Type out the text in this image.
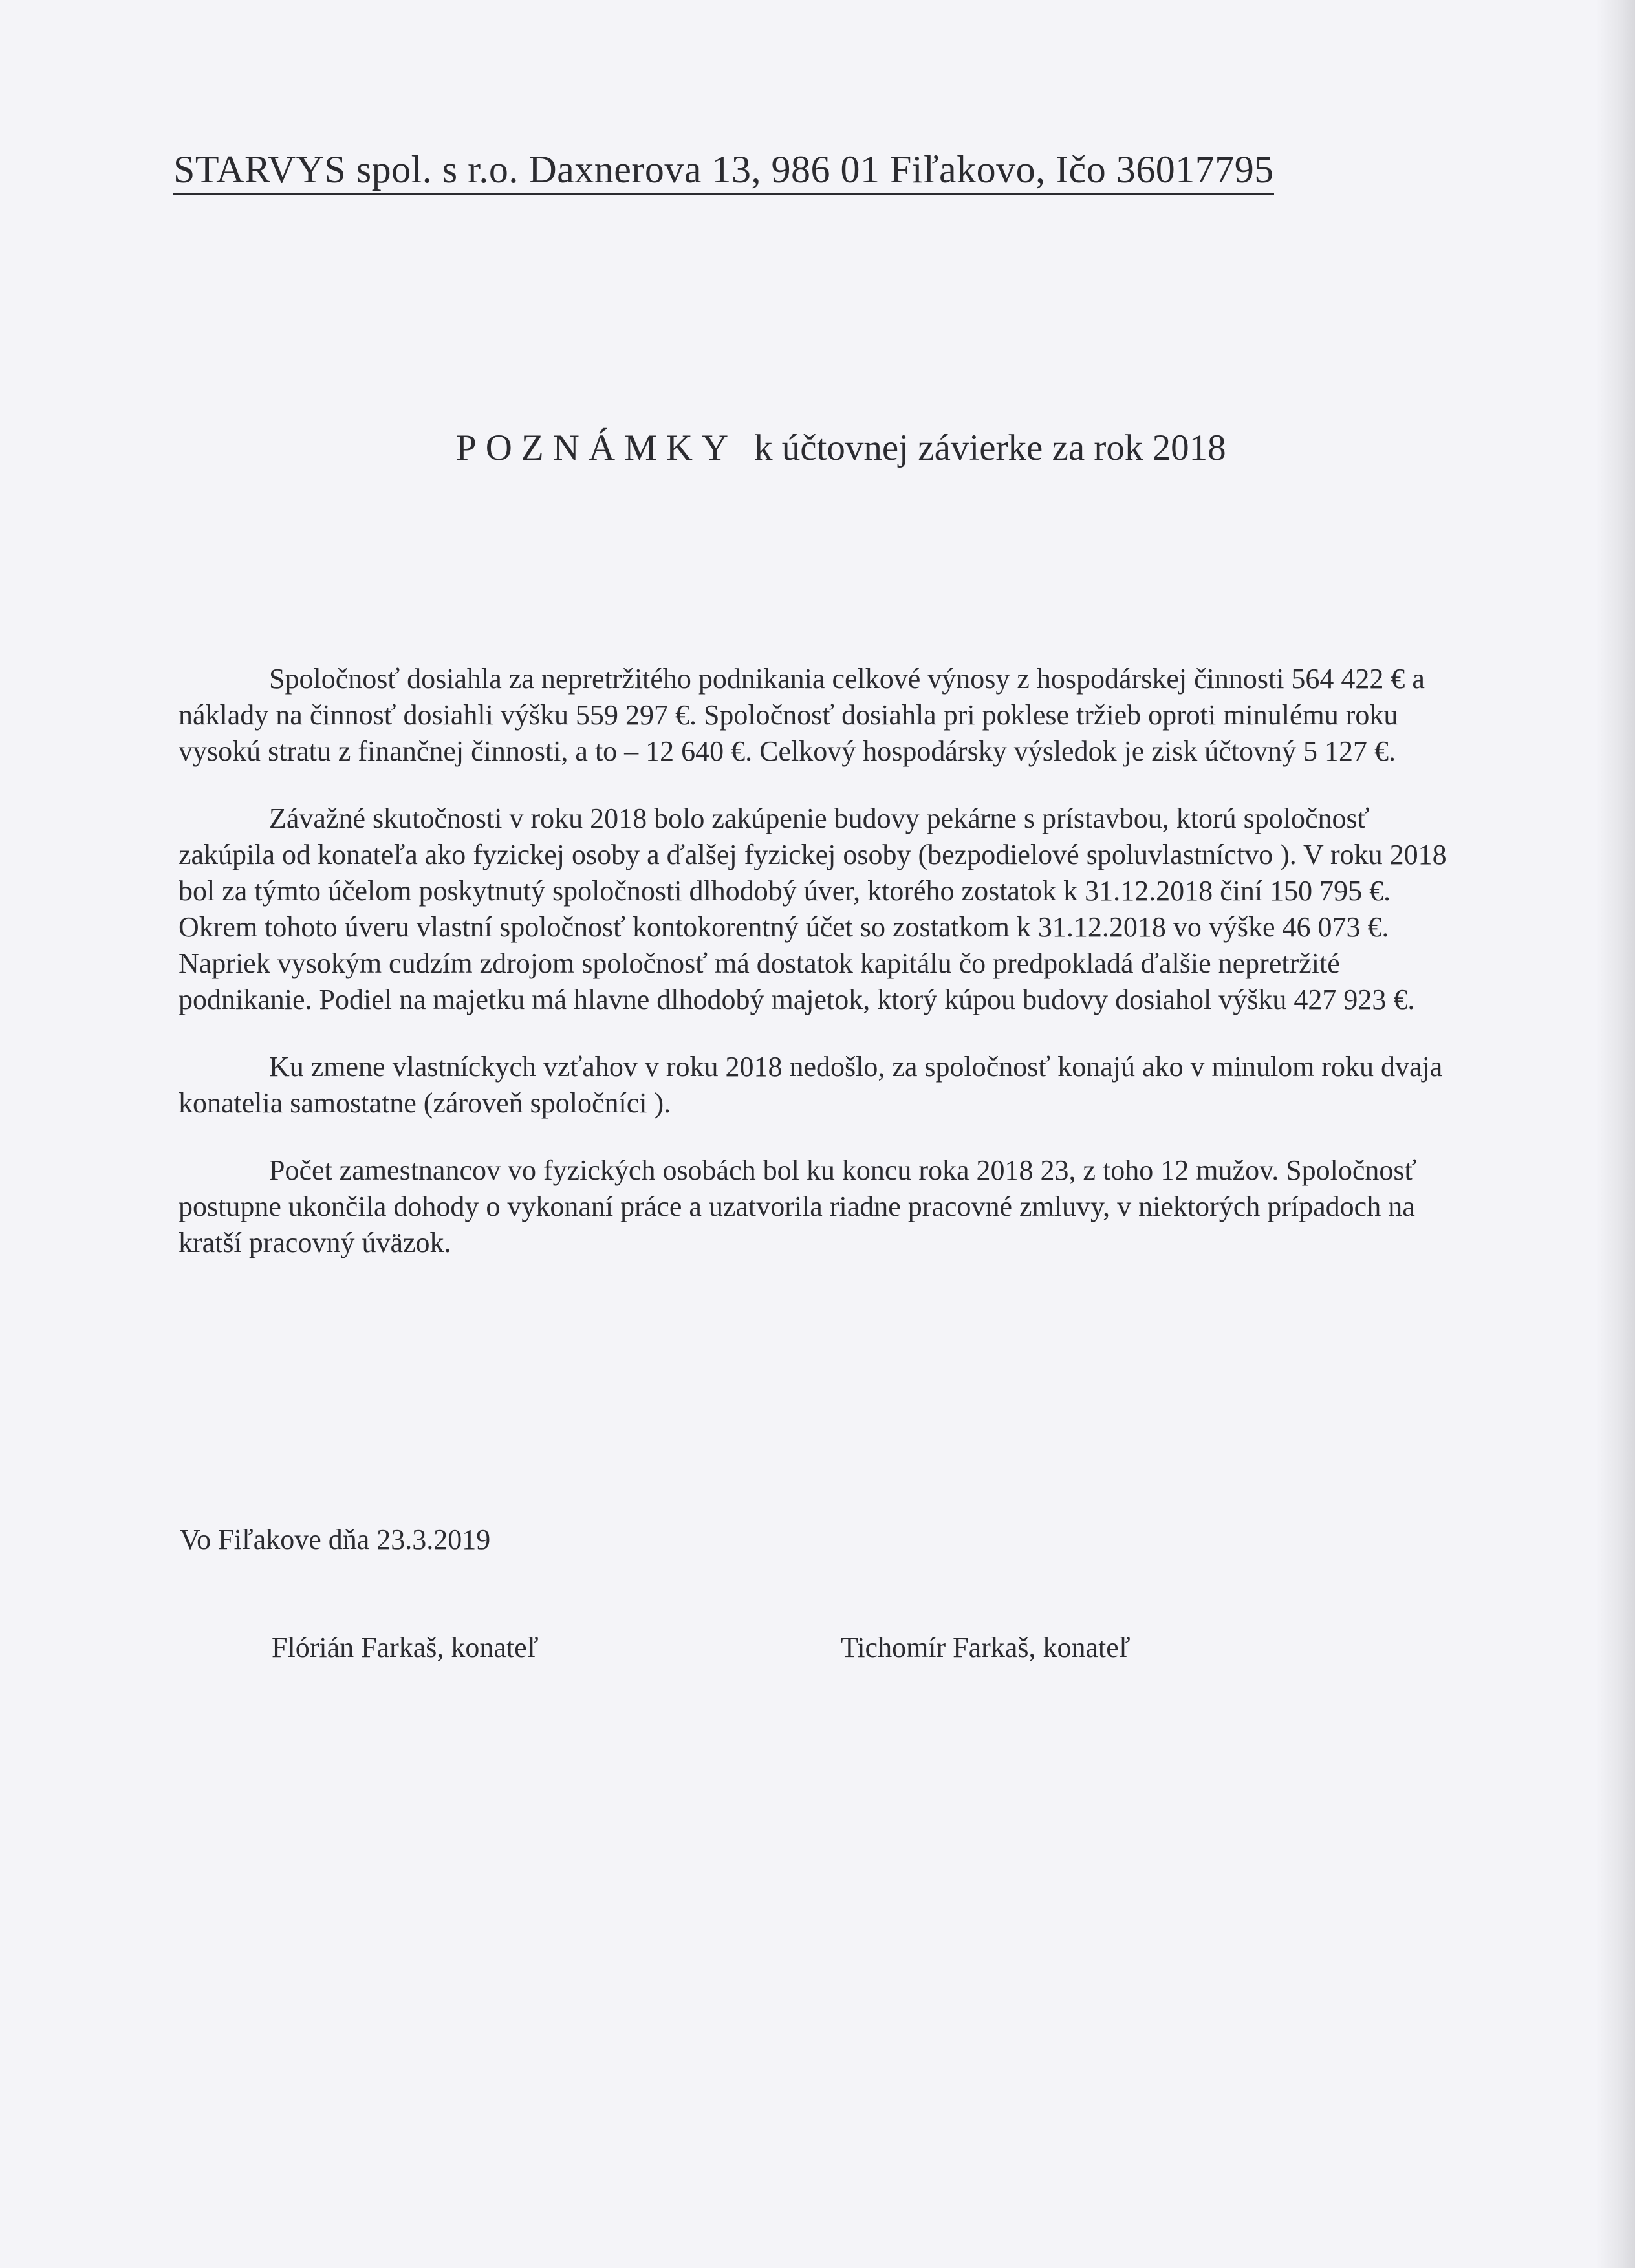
STARVYS spol. s r.o. Daxnerova 13, 986 01 Fiľakovo, Ičo 36017795
POZNÁMKY k účtovnej závierke za rok 2018

Spoločnosť dosiahla za nepretržitého podnikania celkové výnosy z hospodárskej činnosti 564 422 € a náklady na činnosť dosiahli výšku 559 297 €. Spoločnosť dosiahla pri poklese tržieb oproti minulému roku vysokú stratu z finančnej činnosti, a to – 12 640 €. Celkový hospodársky výsledok je zisk účtovný 5 127 €.

Závažné skutočnosti v roku 2018 bolo zakúpenie budovy pekárne s prístavbou, ktorú spoločnosť zakúpila od konateľa ako fyzickej osoby a ďalšej fyzickej osoby (bezpodielové spoluvlastníctvo ). V roku 2018 bol za týmto účelom poskytnutý spoločnosti dlhodobý úver, ktorého zostatok k 31.12.2018 činí 150 795 €. Okrem tohoto úveru vlastní spoločnosť kontokorentný účet so zostatkom k 31.12.2018 vo výške 46 073 €. Napriek vysokým cudzím zdrojom spoločnosť má dostatok kapitálu čo predpokladá ďalšie nepretržité podnikanie. Podiel na majetku má hlavne dlhodobý majetok, ktorý kúpou budovy dosiahol výšku 427 923 €.

Ku zmene vlastníckych vzťahov v roku 2018 nedošlo, za spoločnosť konajú ako v minulom roku dvaja konatelia samostatne (zároveň spoločníci ).

Počet zamestnancov vo fyzických osobách bol ku koncu roka 2018 23, z toho 12 mužov. Spoločnosť postupne ukončila dohody o vykonaní práce a uzatvorila riadne pracovné zmluvy, v niektorých prípadoch na kratší pracovný úväzok.

Vo Fiľakove dňa 23.3.2019
Flórián Farkaš, konateľ	Tichomír Farkaš, konateľ
